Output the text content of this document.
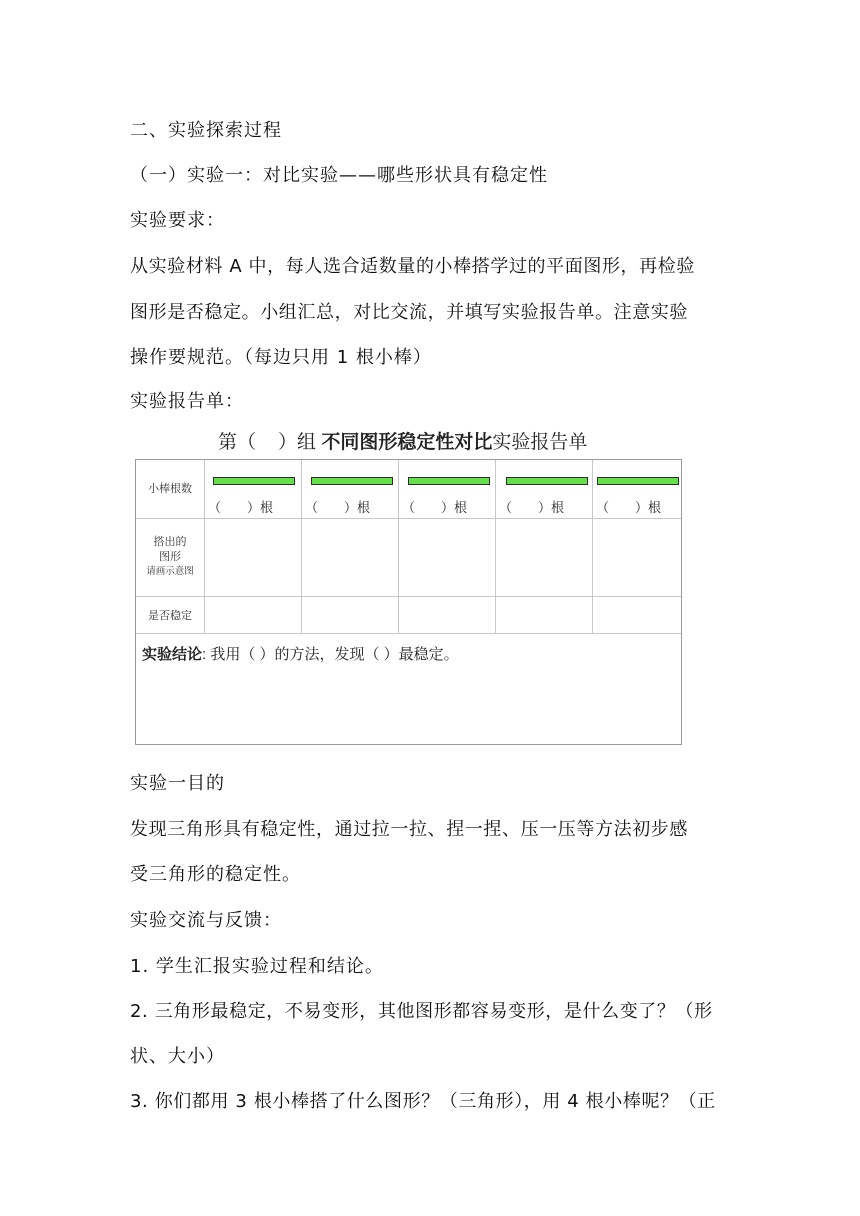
二、实验探索过程
（一）实验一：对比实验——哪些形状具有稳定性
实验要求：
从实验材料 A 中，每人选合适数量的小棒搭学过的平面图形，再检验
图形是否稳定。小组汇总，对比交流，并填写实验报告单。注意实验
操作要规范。（每边只用 1 根小棒）
实验报告单：
第（ ）组 不同图形稳定性对比实验报告单
小棒根数
搭出的
图形
请画示意图
是否稳定
（　　）根 （　　）根 （　　）根 （　　）根 （　　）根
实验结论: 我用（ ）的方法，发现（ ）最稳定。
实验一目的
发现三角形具有稳定性，通过拉一拉、捏一捏、压一压等方法初步感
受三角形的稳定性。
实验交流与反馈：
1. 学生汇报实验过程和结论。
2. 三角形最稳定，不易变形，其他图形都容易变形，是什么变了？（形
状、大小）
3. 你们都用 3 根小棒搭了什么图形？（三角形），用 4 根小棒呢？（正
